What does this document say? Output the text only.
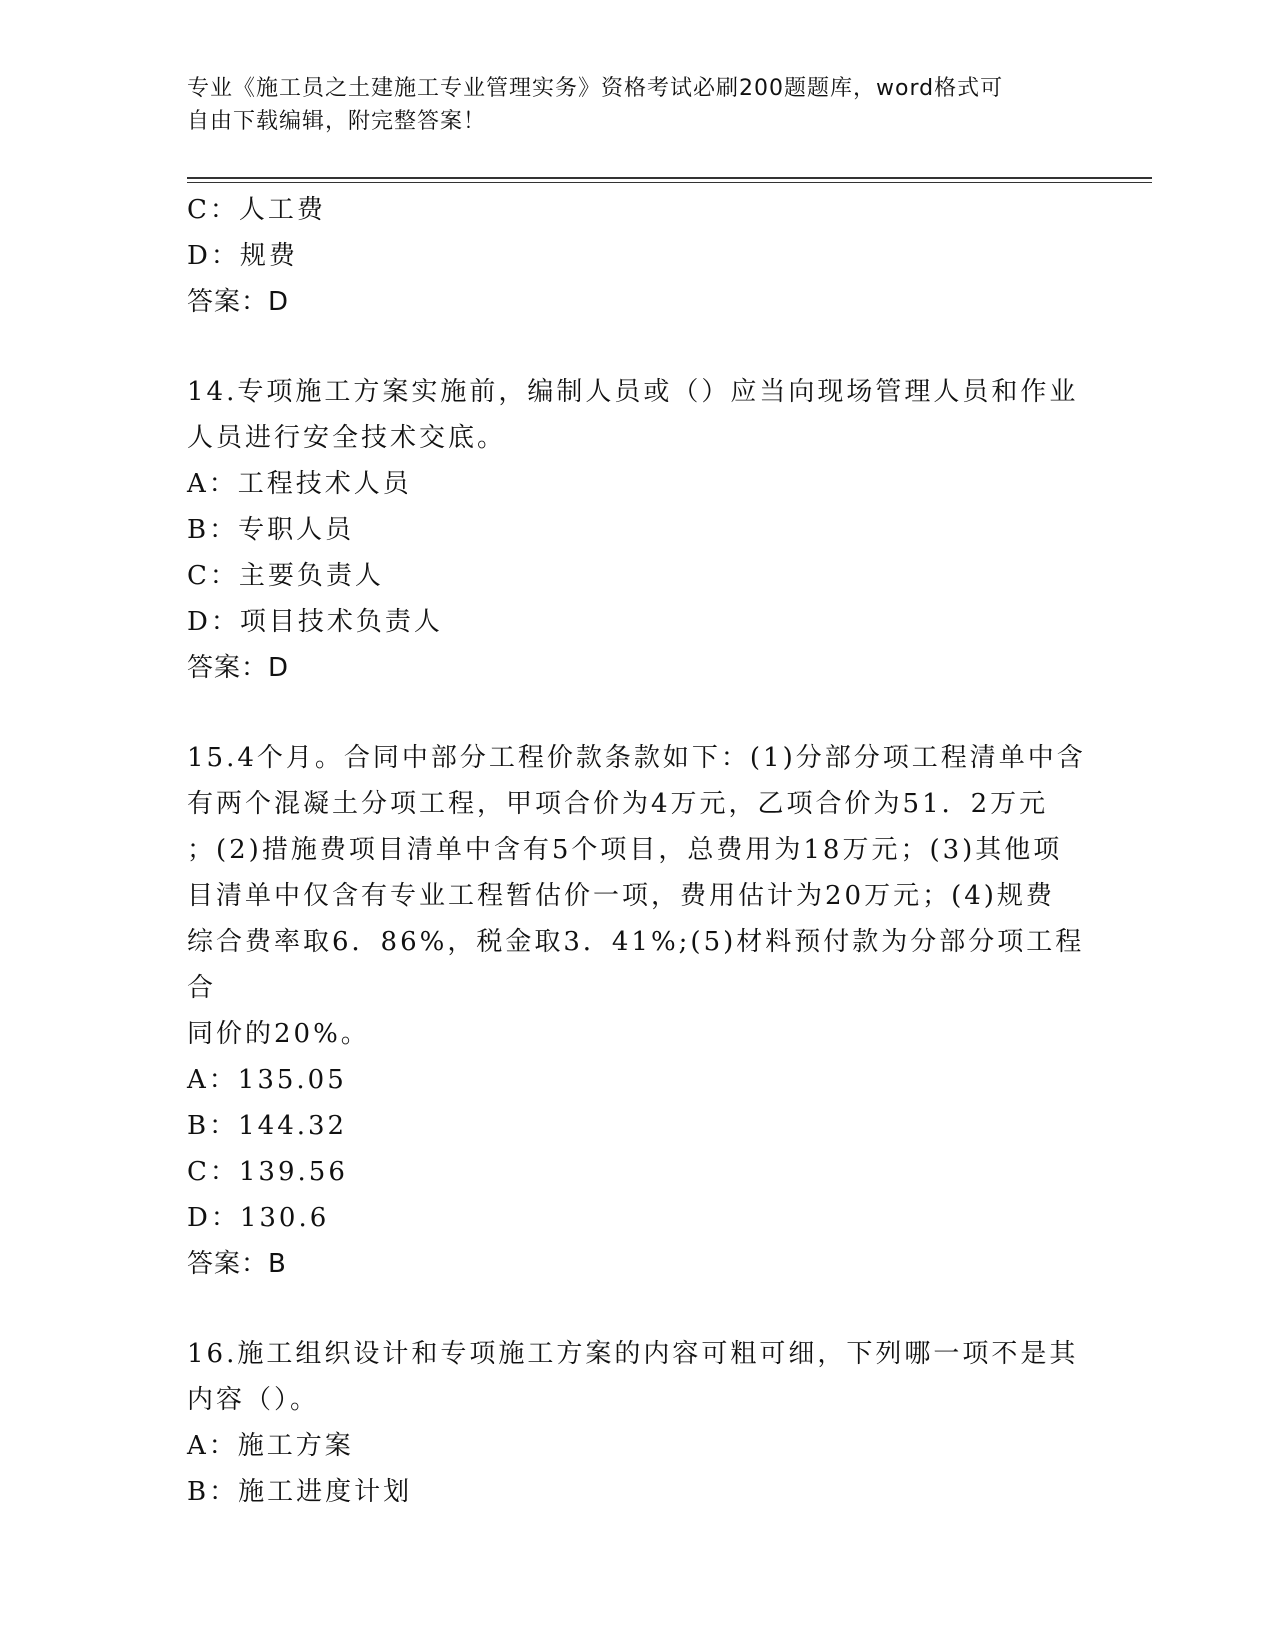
专业《施工员之土建施工专业管理实务》资格考试必刷200题题库，word格式可
自由下载编辑，附完整答案！
C：人工费
D：规费
答案：D
14.专项施工方案实施前，编制人员或（）应当向现场管理人员和作业
人员进行安全技术交底。
A：工程技术人员
B：专职人员
C：主要负责人
D：项目技术负责人
答案：D
15.4个月。合同中部分工程价款条款如下：(1)分部分项工程清单中含
有两个混凝土分项工程，甲项合价为4万元，乙项合价为51．2万元
；(2)措施费项目清单中含有5个项目，总费用为18万元；(3)其他项
目清单中仅含有专业工程暂估价一项，费用估计为20万元；(4)规费
综合费率取6．86%，税金取3．41%;(5)材料预付款为分部分项工程合
同价的20%。
A：135.05
B：144.32
C：139.56
D：130.6
答案：B
16.施工组织设计和专项施工方案的内容可粗可细，下列哪一项不是其
内容（）。
A：施工方案
B：施工进度计划
